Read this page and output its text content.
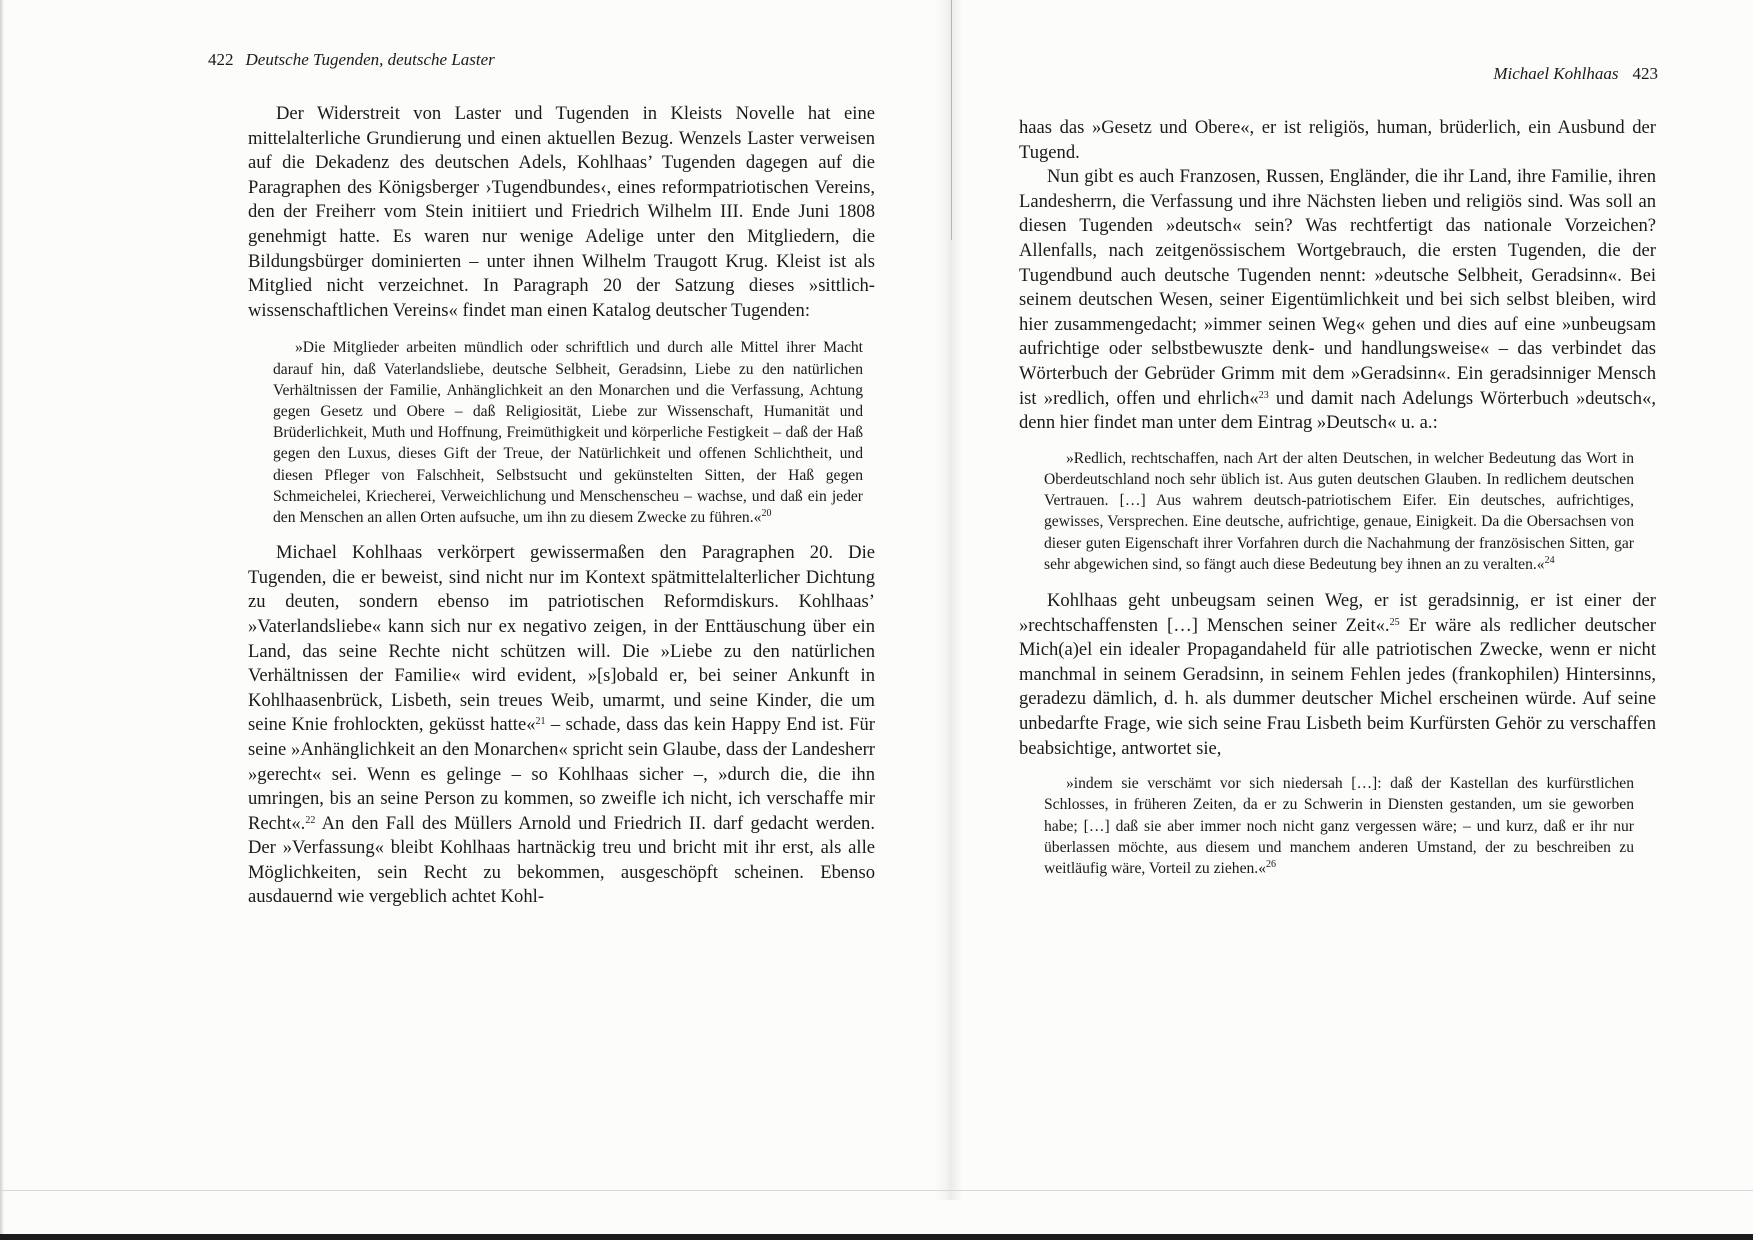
422 Deutsche Tugenden, deutsche Laster

Der Widerstreit von Laster und Tugenden in Kleists Novelle hat eine mittelalterliche Grundierung und einen aktuellen Bezug. Wenzels Laster verweisen auf die Dekadenz des deutschen Adels, Kohlhaas’ Tugenden dagegen auf die Paragraphen des Königsberger ›Tugendbundes‹, eines reformpatriotischen Vereins, den der Freiherr vom Stein initiiert und Friedrich Wilhelm III. Ende Juni 1808 genehmigt hatte. Es waren nur wenige Adelige unter den Mitgliedern, die Bildungsbürger dominierten – unter ihnen Wilhelm Traugott Krug. Kleist ist als Mitglied nicht verzeichnet. In Paragraph 20 der Satzung dieses »sittlich-wissenschaftlichen Vereins« findet man einen Katalog deutscher Tugenden:

»Die Mitglieder arbeiten mündlich oder schriftlich und durch alle Mittel ihrer Macht darauf hin, daß Vaterlandsliebe, deutsche Selbheit, Geradsinn, Liebe zu den natürlichen Verhältnissen der Familie, Anhänglichkeit an den Monarchen und die Verfassung, Achtung gegen Gesetz und Obere – daß Religiosität, Liebe zur Wissenschaft, Humanität und Brüderlichkeit, Muth und Hoffnung, Freimüthigkeit und körperliche Festigkeit – daß der Haß gegen den Luxus, dieses Gift der Treue, der Natürlichkeit und offenen Schlichtheit, und diesen Pfleger von Falschheit, Selbstsucht und gekünstelten Sitten, der Haß gegen Schmeichelei, Kriecherei, Verweichlichung und Menschenscheu – wachse, und daß ein jeder den Menschen an allen Orten aufsuche, um ihn zu diesem Zwecke zu führen.«$^{20}$

Michael Kohlhaas verkörpert gewissermaßen den Paragraphen 20. Die Tugenden, die er beweist, sind nicht nur im Kontext spätmittelalterlicher Dichtung zu deuten, sondern ebenso im patriotischen Reformdiskurs. Kohlhaas’ »Vaterlandsliebe« kann sich nur ex negativo zeigen, in der Enttäuschung über ein Land, das seine Rechte nicht schützen will. Die »Liebe zu den natürlichen Verhältnissen der Familie« wird evident, »[s]obald er, bei seiner Ankunft in Kohlhaasenbrück, Lisbeth, sein treues Weib, umarmt, und seine Kinder, die um seine Knie frohlockten, geküsst hatte«$^{21}$ – schade, dass das kein Happy End ist. Für seine »Anhänglichkeit an den Monarchen« spricht sein Glaube, dass der Landesherr »gerecht« sei. Wenn es gelinge – so Kohlhaas sicher –, »durch die, die ihn umringen, bis an seine Person zu kommen, so zweifle ich nicht, ich verschaffe mir Recht«.$^{22}$ An den Fall des Müllers Arnold und Friedrich II. darf gedacht werden. Der »Verfassung« bleibt Kohlhaas hartnäckig treu und bricht mit ihr erst, als alle Möglichkeiten, sein Recht zu bekommen, ausgeschöpft scheinen. Ebenso ausdauernd wie vergeblich achtet Kohl-

Michael Kohlhaas 423

haas das »Gesetz und Obere«, er ist religiös, human, brüderlich, ein Ausbund der Tugend.

Nun gibt es auch Franzosen, Russen, Engländer, die ihr Land, ihre Familie, ihren Landesherrn, die Verfassung und ihre Nächsten lieben und religiös sind. Was soll an diesen Tugenden »deutsch« sein? Was rechtfertigt das nationale Vorzeichen? Allenfalls, nach zeitgenössischem Wortgebrauch, die ersten Tugenden, die der Tugendbund auch deutsche Tugenden nennt: »deutsche Selbheit, Geradsinn«. Bei seinem deutschen Wesen, seiner Eigentümlichkeit und bei sich selbst bleiben, wird hier zusammengedacht; »immer seinen Weg« gehen und dies auf eine »unbeugsam aufrichtige oder selbstbewuszte denk- und handlungsweise« – das verbindet das Wörterbuch der Gebrüder Grimm mit dem »Geradsinn«. Ein geradsinniger Mensch ist »redlich, offen und ehrlich«$^{23}$ und damit nach Adelungs Wörterbuch »deutsch«, denn hier findet man unter dem Eintrag »Deutsch« u. a.:

»Redlich, rechtschaffen, nach Art der alten Deutschen, in welcher Bedeutung das Wort in Oberdeutschland noch sehr üblich ist. Aus guten deutschen Glauben. In redlichem deutschen Vertrauen. […] Aus wahrem deutsch-patriotischem Eifer. Ein deutsches, aufrichtiges, gewisses, Versprechen. Eine deutsche, aufrichtige, genaue, Einigkeit. Da die Obersachsen von dieser guten Eigenschaft ihrer Vorfahren durch die Nachahmung der französischen Sitten, gar sehr abgewichen sind, so fängt auch diese Bedeutung bey ihnen an zu veralten.«$^{24}$

Kohlhaas geht unbeugsam seinen Weg, er ist geradsinnig, er ist einer der »rechtschaffensten […] Menschen seiner Zeit«.$^{25}$ Er wäre als redlicher deutscher Mich(a)el ein idealer Propagandaheld für alle patriotischen Zwecke, wenn er nicht manchmal in seinem Geradsinn, in seinem Fehlen jedes (frankophilen) Hintersinns, geradezu dämlich, d. h. als dummer deutscher Michel erscheinen würde. Auf seine unbedarfte Frage, wie sich seine Frau Lisbeth beim Kurfürsten Gehör zu verschaffen beabsichtige, antwortet sie,

»indem sie verschämt vor sich niedersah […]: daß der Kastellan des kurfürstlichen Schlosses, in früheren Zeiten, da er zu Schwerin in Diensten gestanden, um sie geworben habe; […] daß sie aber immer noch nicht ganz vergessen wäre; – und kurz, daß er ihr nur überlassen möchte, aus diesem und manchem anderen Umstand, der zu beschreiben zu weitläufig wäre, Vorteil zu ziehen.«$^{26}$
